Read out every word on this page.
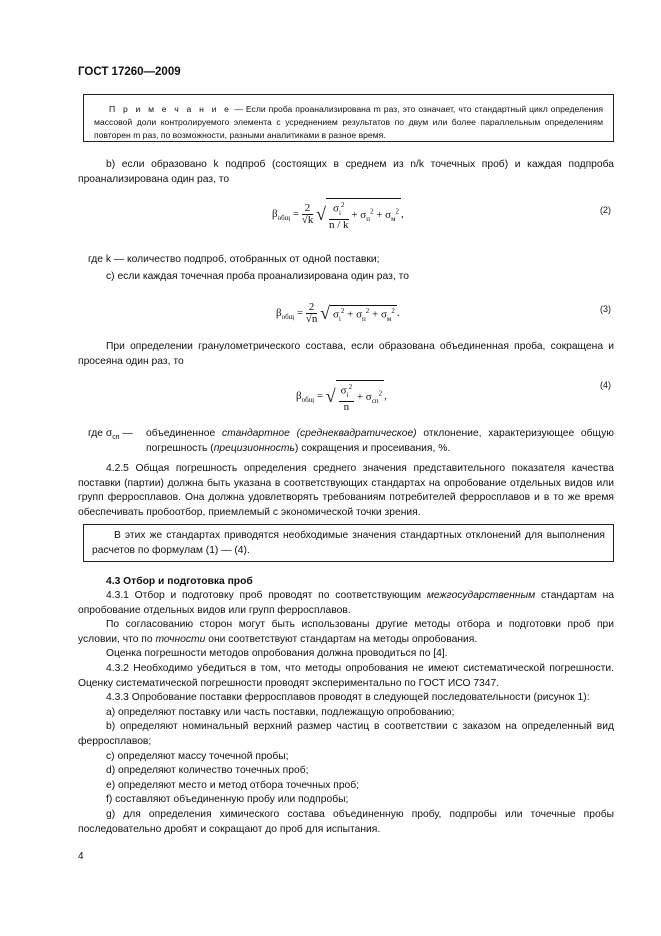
ГОСТ 17260—2009
П р и м е ч а н и е — Если проба проанализирована m раз, это означает, что стандартный цикл определения массовой доли контролируемого элемента с усреднением результатов по двум или более параллельным определениям повторен m раз, по возможности, разными аналитиками в разное время.
b) если образовано k подпроб (состоящих в среднем из n/k точечных проб) и каждая подпроба проанализирована один раз, то
$\beta_{общ} = \frac{2}{√k}$ √ $\frac{\sigma_i^2}{n / k} + \sigma_п^2 + \sigma_м^2$ ,	(2)
где k — количество подпроб, отобранных от одной поставки;
с) если каждая точечная проба проанализирована один раз, то
$\beta_{общ} = \frac{2}{√n}$ √ $\sigma_i^2 + \sigma_п^2 + \sigma_м^2$ .	(3)
При определении гранулометрического состава, если образована объединенная проба, сокращена и просеяна один раз, то
$\beta_{общ}$ = √ $\frac{\sigma_i^2}{n} + \sigma_{сп}^2$ ,
(4)
где $\sigma_{сп}$ —	объединенное стандартное (среднеквадратическое) отклонение, характеризующее общую погрешность (прецизионность) сокращения и просеивания, %.
4.2.5 Общая погрешность определения среднего значения представительного показателя качества поставки (партии) должна быть указана в соответствующих стандартах на опробование отдельных видов или групп ферросплавов. Она должна удовлетворять требованиям потребителей ферросплавов и в то же время обеспечивать пробоотбор, приемлемый с экономической точки зрения.
В этих же стандартах приводятся необходимые значения стандартных отклонений для выполнения расчетов по формулам (1) — (4).
4.3 Отбор и подготовка проб
4.3.1 Отбор и подготовку проб проводят по соответствующим межгосударственным стандартам на опробование отдельных видов или групп ферросплавов.
По согласованию сторон могут быть использованы другие методы отбора и подготовки проб при условии, что по точности они соответствуют стандартам на методы опробования.
Оценка погрешности методов опробования должна проводиться по [4].
4.3.2 Необходимо убедиться в том, что методы опробования не имеют систематической погрешности. Оценку систематической погрешности проводят экспериментально по ГОСТ ИСО 7347.
4.3.3 Опробование поставки ферросплавов проводят в следующей последовательности (рисунок 1):
а) определяют поставку или часть поставки, подлежащую опробованию;
b) определяют номинальный верхний размер частиц в соответствии с заказом на определенный вид ферросплавов;
с) определяют массу точечной пробы;
d) определяют количество точечных проб;
е) определяют место и метод отбора точечных проб;
f) составляют объединенную пробу или подпробы;
g) для определения химического состава объединенную пробу, подпробы или точечные пробы последовательно дробят и сокращают до проб для испытания.
4
